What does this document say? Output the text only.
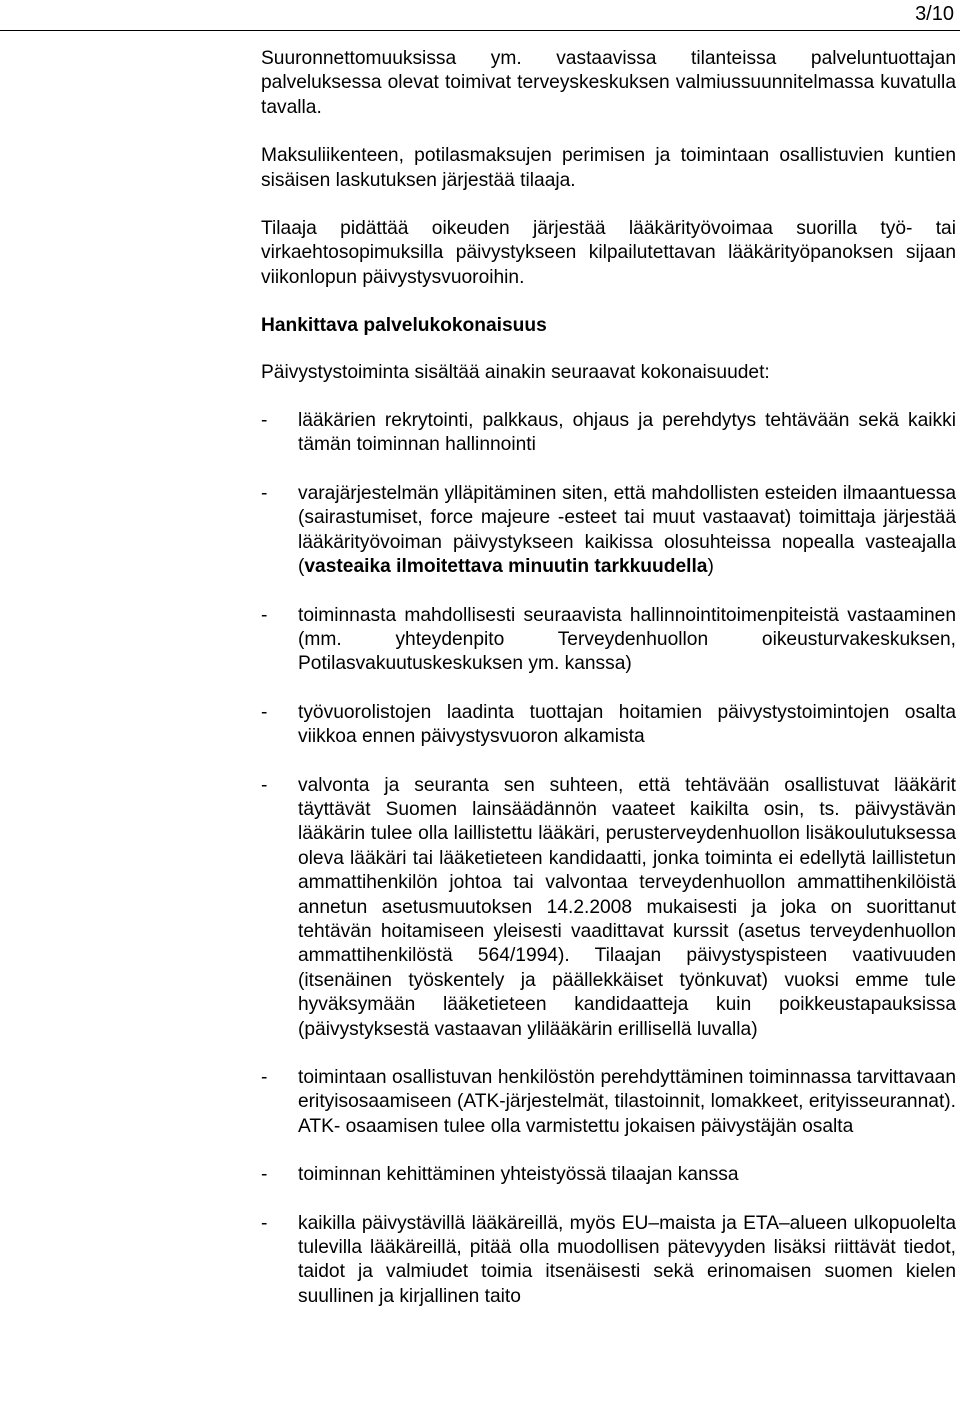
3/10

Suuronnettomuuksissa ym. vastaavissa tilanteissa palveluntuottajan palveluksessa olevat toimivat terveyskeskuksen valmiussuunnitelmassa kuvatulla tavalla.

Maksuliikenteen, potilasmaksujen perimisen ja toimintaan osallistuvien kuntien sisäisen laskutuksen järjestää tilaaja.

Tilaaja pidättää oikeuden järjestää lääkärityövoimaa suorilla työ- tai virkaehtosopimuksilla päivystykseen kilpailutettavan lääkärityöpanoksen sijaan viikonlopun päivystysvuoroihin.

Hankittava palvelukokonaisuus

Päivystystoiminta sisältää ainakin seuraavat kokonaisuudet:

- lääkärien rekrytointi, palkkaus, ohjaus ja perehdytys tehtävään sekä kaikki tämän toiminnan hallinnointi
- varajärjestelmän ylläpitäminen siten, että mahdollisten esteiden ilmaantuessa (sairastumiset, force majeure -esteet tai muut vastaavat) toimittaja järjestää lääkärityövoiman päivystykseen kaikissa olosuhteissa nopealla vasteajalla (vasteaika ilmoitettava minuutin tarkkuudella)
- toiminnasta mahdollisesti seuraavista hallinnointitoimenpiteistä vastaaminen (mm. yhteydenpito Terveydenhuollon oikeusturvakeskuksen, Potilasvakuutuskeskuksen ym. kanssa)
- työvuorolistojen laadinta tuottajan hoitamien päivystystoimintojen osalta viikkoa ennen päivystysvuoron alkamista
- valvonta ja seuranta sen suhteen, että tehtävään osallistuvat lääkärit täyttävät Suomen lainsäädännön vaateet kaikilta osin, ts. päivystävän lääkärin tulee olla laillistettu lääkäri, perusterveydenhuollon lisäkoulutuksessa oleva lääkäri tai lääketieteen kandidaatti, jonka toiminta ei edellytä laillistetun ammattihenkilön johtoa tai valvontaa terveydenhuollon ammattihenkilöistä annetun asetusmuutoksen 14.2.2008 mukaisesti ja joka on suorittanut tehtävän hoitamiseen yleisesti vaadittavat kurssit (asetus terveydenhuollon ammattihenkilöstä 564/1994). Tilaajan päivystyspisteen vaativuuden (itsenäinen työskentely ja päällekkäiset työnkuvat) vuoksi emme tule hyväksymään lääketieteen kandidaatteja kuin poikkeustapauksissa (päivystyksestä vastaavan ylilääkärin erillisellä luvalla)
- toimintaan osallistuvan henkilöstön perehdyttäminen toiminnassa tarvittavaan erityisosaamiseen (ATK-järjestelmät, tilastoinnit, lomakkeet, erityisseurannat). ATK- osaamisen tulee olla varmistettu jokaisen päivystäjän osalta
- toiminnan kehittäminen yhteistyössä tilaajan kanssa
- kaikilla päivystävillä lääkäreillä, myös EU–maista ja ETA–alueen ulkopuolelta tulevilla lääkäreillä, pitää olla muodollisen pätevyyden lisäksi riittävät tiedot, taidot ja valmiudet toimia itsenäisesti sekä erinomaisen suomen kielen suullinen ja kirjallinen taito
